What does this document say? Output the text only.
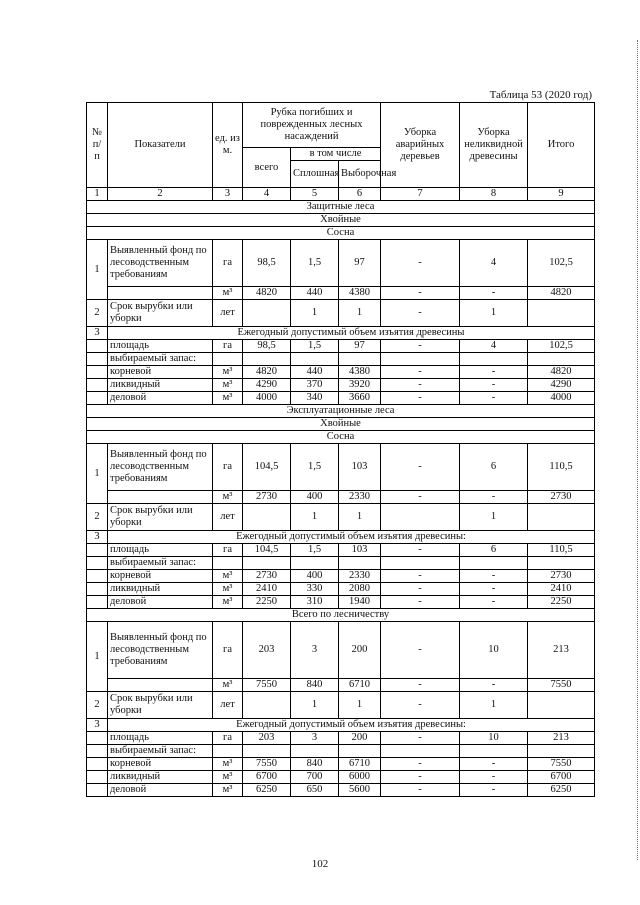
Таблица 53 (2020 год)
№ п/ п	Показатели	ед. из м.	Рубка погибших и поврежденных лесных насаждений			Уборка аварийных деревьев	Уборка неликвидной древесины	Итого
			всего	в том числе				
				Сплошная	Выборочная			
1	2	3	4	5	6	7	8	9
Защитные леса								
Хвойные								
Сосна								
1	Выявленный фонд по лесоводственным требованиям	га	98,5	1,5	97	-	4	102,5
		м³	4820	440	4380	-	-	4820
2	Срок вырубки или уборки	лет		1	1	-	1	
3	Ежегодный допустимый объем изъятия древесины							
	площадь	га	98,5	1,5	97	-	4	102,5
	выбираемый запас:							
	корневой	м³	4820	440	4380	-	-	4820
	ликвидный	м³	4290	370	3920	-	-	4290
	деловой	м³	4000	340	3660	-	-	4000
Эксплуатационные леса								
Хвойные								
Сосна								
1	Выявленный фонд по лесоводственным требованиям	га	104,5	1,5	103	-	6	110,5
		м³	2730	400	2330	-	-	2730
2	Срок вырубки или уборки	лет		1	1		1	
3	Ежегодный допустимый объем изъятия древесины:							
	площадь	га	104,5	1,5	103	-	6	110,5
	выбираемый запас:							
	корневой	м³	2730	400	2330	-	-	2730
	ликвидный	м³	2410	330	2080	-	-	2410
	деловой	м³	2250	310	1940	-	-	2250
Всего по лесничеству								
1	Выявленный фонд по лесоводственным требованиям	га	203	3	200	-	10	213
		м³	7550	840	6710	-	-	7550
2	Срок вырубки или уборки	лет		1	1	-	1	
3	Ежегодный допустимый объем изъятия древесины:							
	площадь	га	203	3	200	-	10	213
	выбираемый запас:							
	корневой	м³	7550	840	6710	-	-	7550
	ликвидный	м³	6700	700	6000	-	-	6700
	деловой	м³	6250	650	5600	-	-	6250
102
